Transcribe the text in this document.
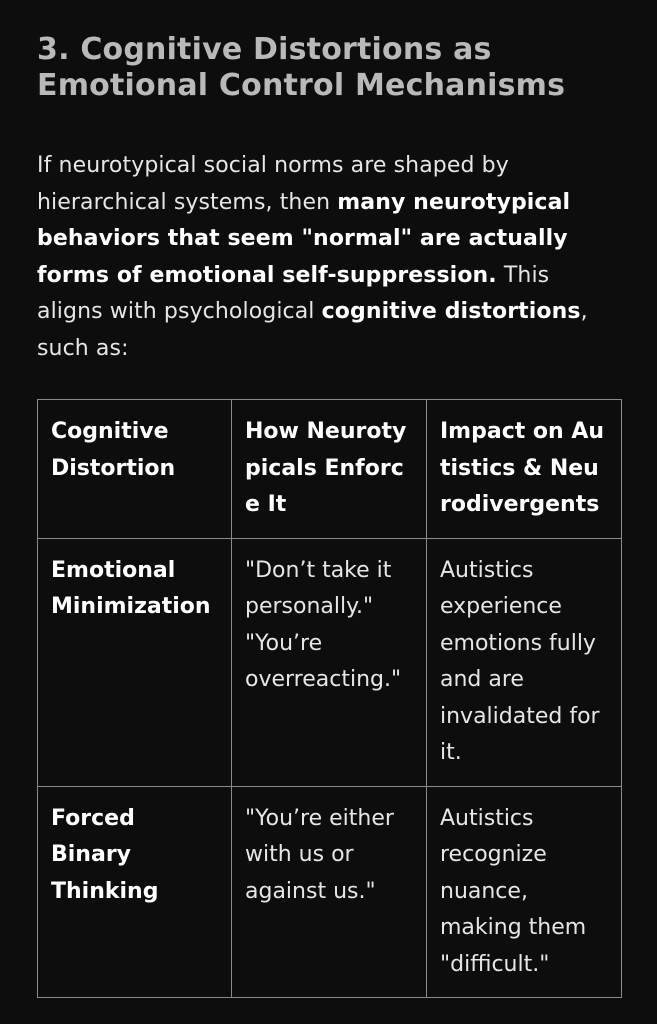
3. Cognitive Distortions as
Emotional Control Mechanisms

If neurotypical social norms are shaped by hierarchical systems, then many neurotypical behaviors that seem "normal" are actually forms of emotional self-suppression. This aligns with psychological cognitive distortions, such as:

Cognitive Distortion	How Neurotypicals Enforce It	Impact on Autistics & Neurodivergents
Emotional Minimization	"Don’t take it personally." "You’re overreacting."	Autistics experience emotions fully and are invalidated for it.
Forced Binary Thinking	"You’re either with us or against us."	Autistics recognize nuance, making them "difficult."
